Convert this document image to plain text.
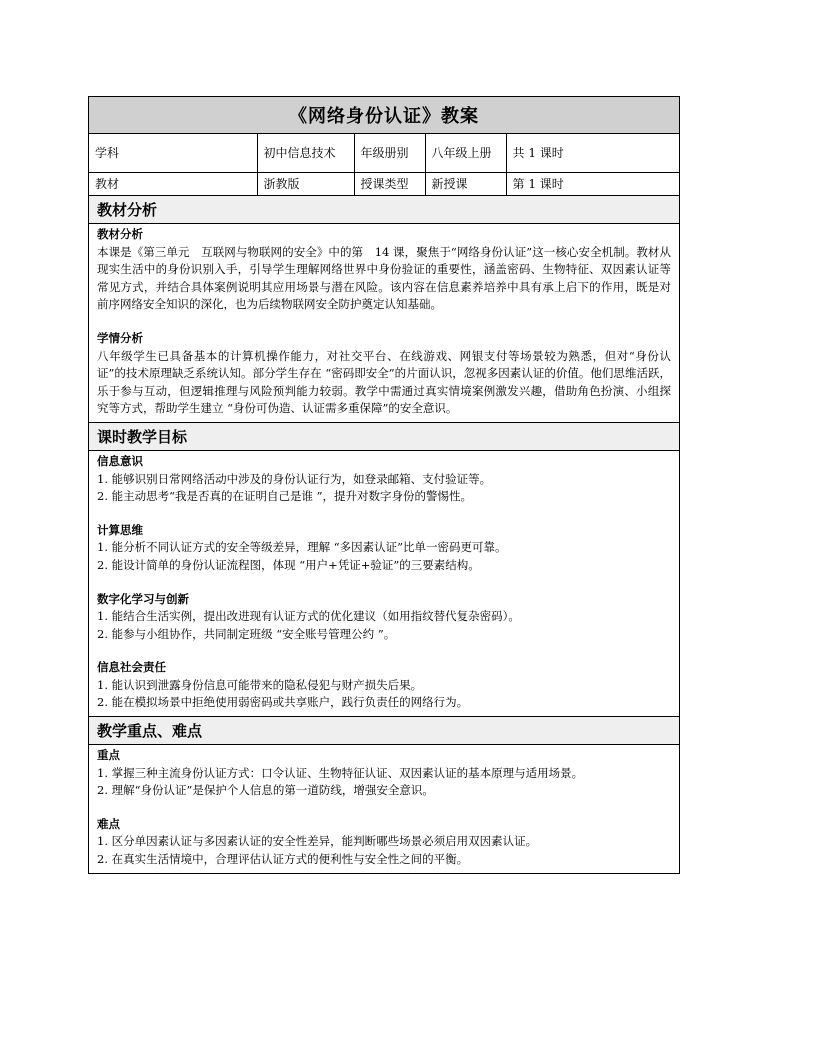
《网络身份认证》教案
学科	初中信息技术	年级册别	八年级上册	共 1 课时
教材	浙教版	授课类型	新授课	第 1 课时
教材分析
教材分析
本课是《第三单元　互联网与物联网的安全》中的第　14 课，聚焦于“网络身份认证”这一核心安全机制。教材从现实生活中的身份识别入手，引导学生理解网络世界中身份验证的重要性，涵盖密码、生物特征、双因素认证等常见方式，并结合具体案例说明其应用场景与潜在风险。该内容在信息素养培养中具有承上启下的作用，既是对前序网络安全知识的深化，也为后续物联网安全防护奠定认知基础。
学情分析
八年级学生已具备基本的计算机操作能力，对社交平台、在线游戏、网银支付等场景较为熟悉，但对“身份认证”的技术原理缺乏系统认知。部分学生存在 “密码即安全”的片面认识，忽视多因素认证的价值。他们思维活跃，乐于参与互动，但逻辑推理与风险预判能力较弱。教学中需通过真实情境案例激发兴趣，借助角色扮演、小组探究等方式，帮助学生建立 “身份可伪造、认证需多重保障”的安全意识。
课时教学目标
信息意识
1. 能够识别日常网络活动中涉及的身份认证行为，如登录邮箱、支付验证等。
2. 能主动思考“我是否真的在证明自己是谁 ”，提升对数字身份的警惕性。
计算思维
1. 能分析不同认证方式的安全等级差异，理解 “多因素认证”比单一密码更可靠。
2. 能设计简单的身份认证流程图，体现 “用户+凭证+验证”的三要素结构。
数字化学习与创新
1. 能结合生活实例，提出改进现有认证方式的优化建议（如用指纹替代复杂密码）。
2. 能参与小组协作，共同制定班级 “安全账号管理公约 ”。
信息社会责任
1. 能认识到泄露身份信息可能带来的隐私侵犯与财产损失后果。
2. 能在模拟场景中拒绝使用弱密码或共享账户，践行负责任的网络行为。
教学重点、难点
重点
1. 掌握三种主流身份认证方式：口令认证、生物特征认证、双因素认证的基本原理与适用场景。
2. 理解“身份认证”是保护个人信息的第一道防线，增强安全意识。
难点
1. 区分单因素认证与多因素认证的安全性差异，能判断哪些场景必须启用双因素认证。
2. 在真实生活情境中，合理评估认证方式的便利性与安全性之间的平衡。
